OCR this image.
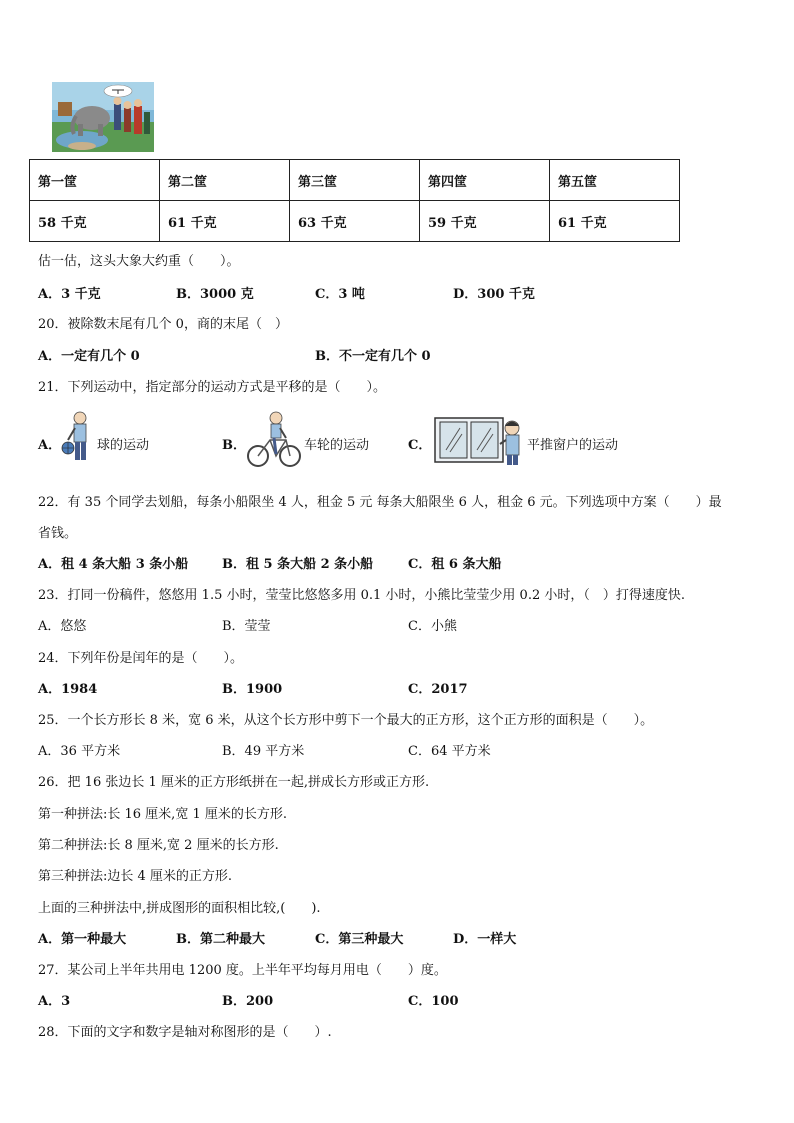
第一筐	第二筐	第三筐	第四筐	第五筐
58 千克	61 千克	63 千克	59 千克	61 千克
估一估，这头大象大约重（　　）。
A．3 千克	B．3000 克	C．3 吨	D．300 千克
20．被除数末尾有几个 0，商的末尾（　）
A．一定有几个 0	B．不一定有几个 0
21．下列运动中，指定部分的运动方式是平移的是（　　）。
A．	球的运动	B．	车轮的运动	C．	平推窗户的运动
22．有 35 个同学去划船，每条小船限坐 4 人，租金 5 元 每条大船限坐 6 人，租金 6 元。下列选项中方案（　　）最
省钱。
A．租 4 条大船 3 条小船	B．租 5 条大船 2 条小船	C．租 6 条大船
23．打同一份稿件，悠悠用 1.5 小时，莹莹比悠悠多用 0.1 小时，小熊比莹莹少用 0.2 小时，（　）打得速度快.
A．悠悠	B．莹莹	C．小熊
24．下列年份是闰年的是（　　）。
A．1984	B．1900	C．2017
25．一个长方形长 8 米，宽 6 米，从这个长方形中剪下一个最大的正方形，这个正方形的面积是（　　）。
A．36 平方米	B．49 平方米	C．64 平方米
26．把 16 张边长 1 厘米的正方形纸拼在一起,拼成长方形或正方形.
第一种拼法:长 16 厘米,宽 1 厘米的长方形.
第二种拼法:长 8 厘米,宽 2 厘米的长方形.
第三种拼法:边长 4 厘米的正方形.
上面的三种拼法中,拼成图形的面积相比较,(　　).
A．第一种最大	B．第二种最大	C．第三种最大	D．一样大
27．某公司上半年共用电 1200 度。上半年平均每月用电（　　）度。
A．3	B．200	C．100
28．下面的文字和数字是轴对称图形的是（　　）.
